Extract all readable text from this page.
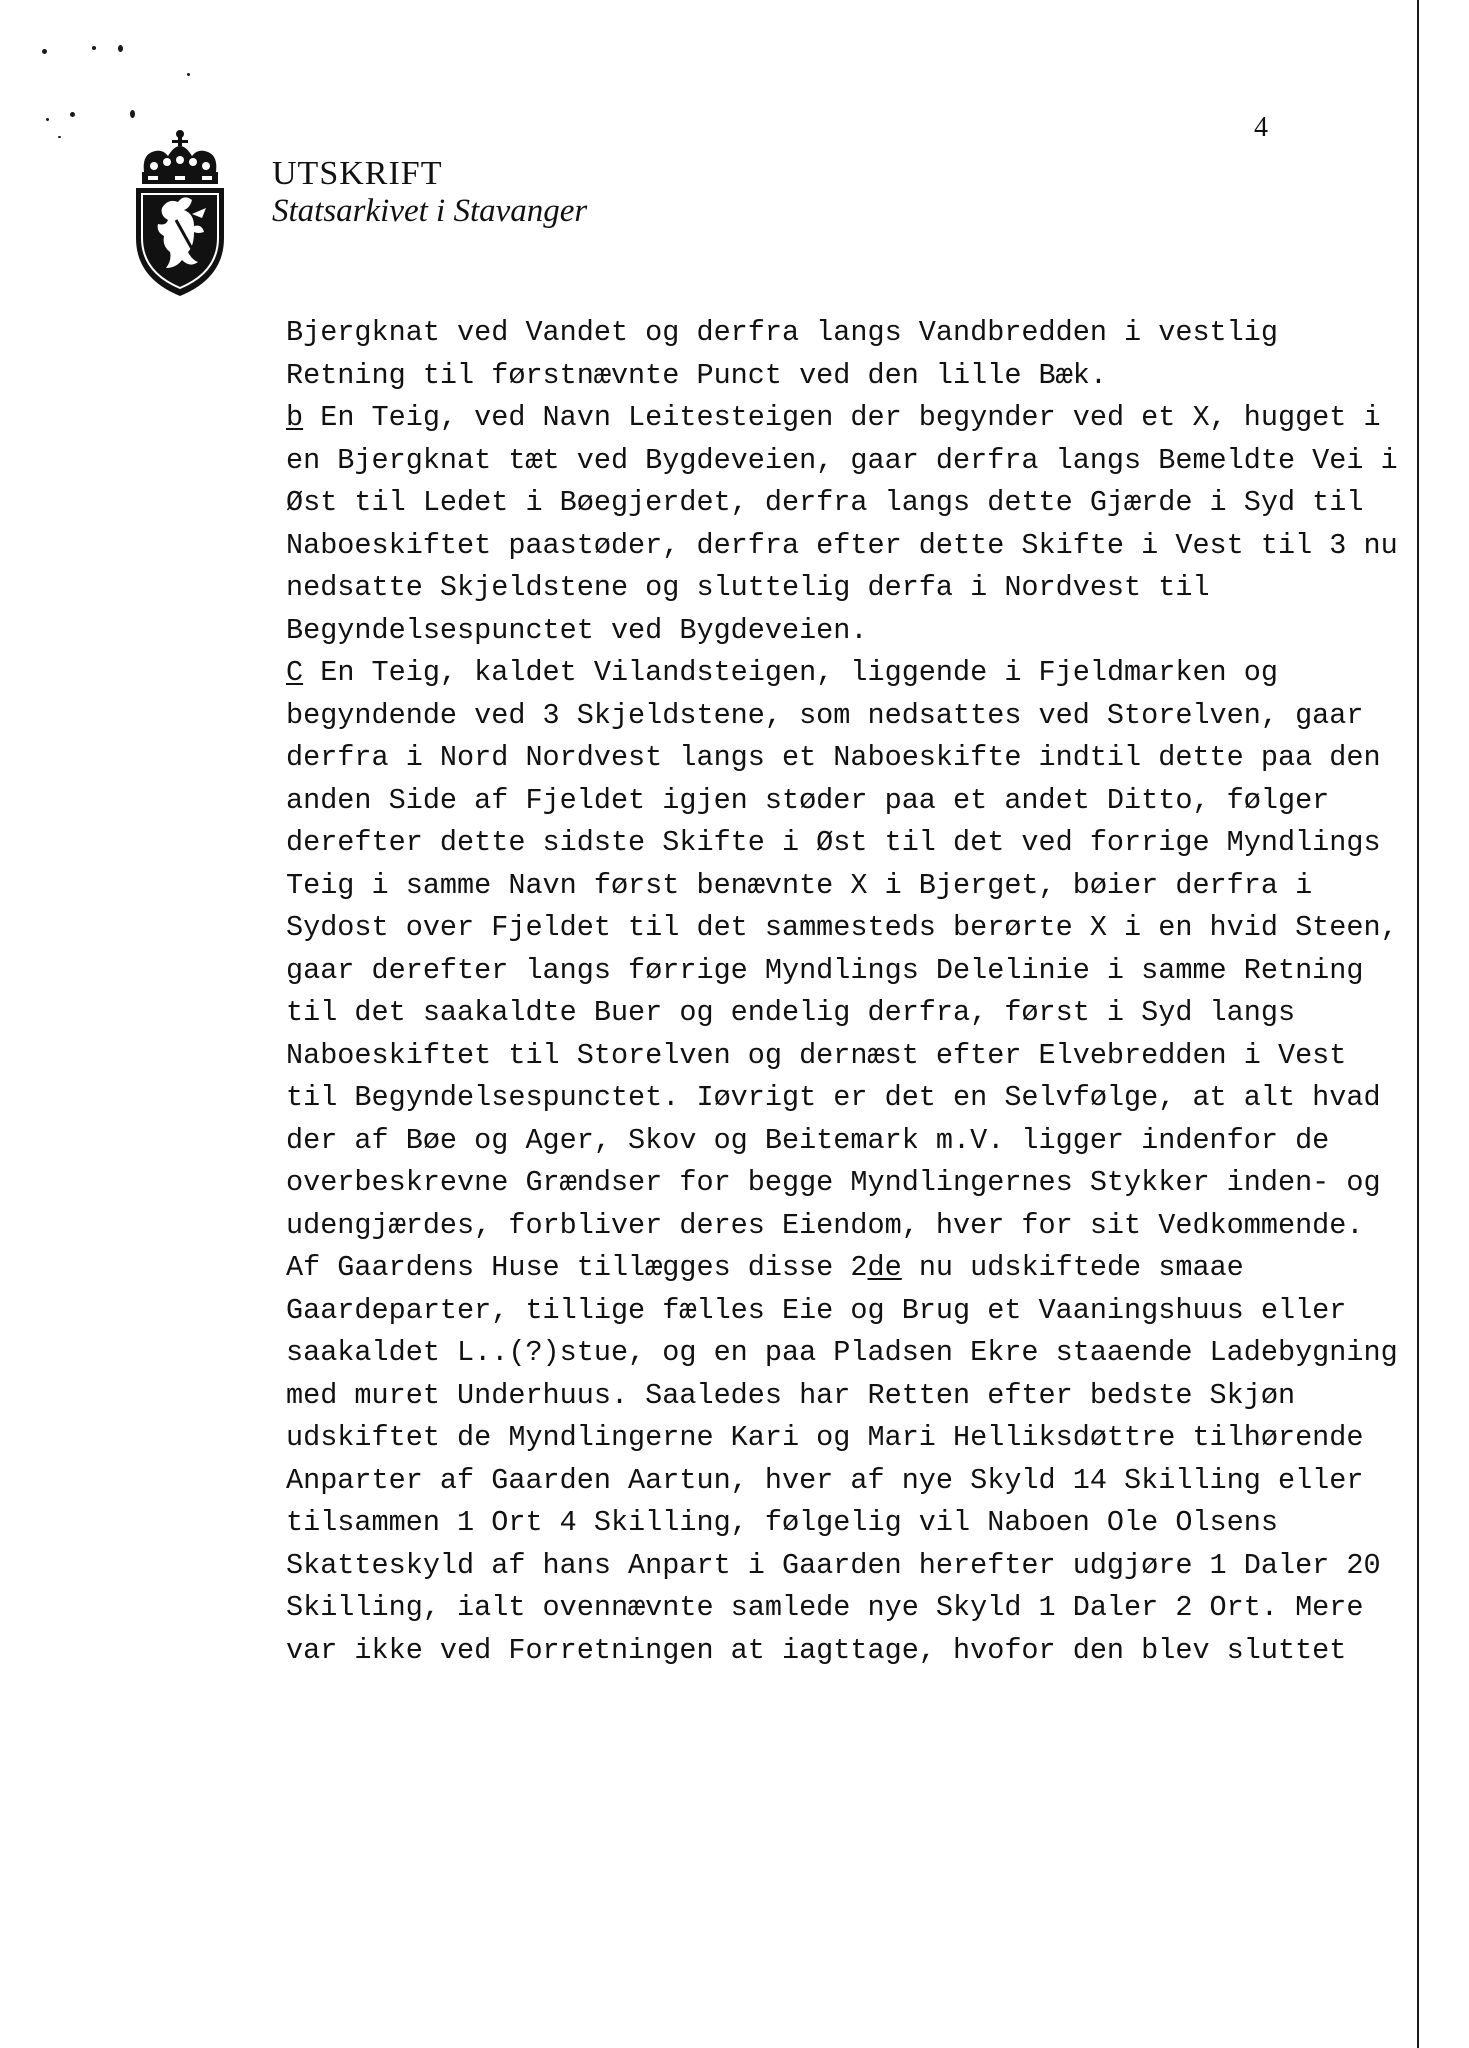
UTSKRIFT
Statsarkivet i Stavanger
4
Bjergknat ved Vandet og derfra langs Vandbredden i vestlig
Retning til førstnævnte Punct ved den lille Bæk.
b En Teig, ved Navn Leitesteigen der begynder ved et X, hugget i
en Bjergknat tæt ved Bygdeveien, gaar derfra langs Bemeldte Vei i
Øst til Ledet i Bøegjerdet, derfra langs dette Gjærde i Syd til
Naboeskiftet paastøder, derfra efter dette Skifte i Vest til 3 nu
nedsatte Skjeldstene og sluttelig derfa i Nordvest til
Begyndelsespunctet ved Bygdeveien.
C En Teig, kaldet Vilandsteigen, liggende i Fjeldmarken og
begyndende ved 3 Skjeldstene, som nedsattes ved Storelven, gaar
derfra i Nord Nordvest langs et Naboeskifte indtil dette paa den
anden Side af Fjeldet igjen støder paa et andet Ditto, følger
derefter dette sidste Skifte i Øst til det ved forrige Myndlings
Teig i samme Navn først benævnte X i Bjerget, bøier derfra i
Sydost over Fjeldet til det sammesteds berørte X i en hvid Steen,
gaar derefter langs førrige Myndlings Delelinie i samme Retning
til det saakaldte Buer og endelig derfra, først i Syd langs
Naboeskiftet til Storelven og dernæst efter Elvebredden i Vest
til Begyndelsespunctet. Iøvrigt er det en Selvfølge, at alt hvad
der af Bøe og Ager, Skov og Beitemark m.V. ligger indenfor de
overbeskrevne Grændser for begge Myndlingernes Stykker inden- og
udengjærdes, forbliver deres Eiendom, hver for sit Vedkommende.
Af Gaardens Huse tillægges disse 2de nu udskiftede smaae
Gaardeparter, tillige fælles Eie og Brug et Vaaningshuus eller
saakaldet L..(?)stue, og en paa Pladsen Ekre staaende Ladebygning
med muret Underhuus. Saaledes har Retten efter bedste Skjøn
udskiftet de Myndlingerne Kari og Mari Helliksdøttre tilhørende
Anparter af Gaarden Aartun, hver af nye Skyld 14 Skilling eller
tilsammen 1 Ort 4 Skilling, følgelig vil Naboen Ole Olsens
Skatteskyld af hans Anpart i Gaarden herefter udgjøre 1 Daler 20
Skilling, ialt ovennævnte samlede nye Skyld 1 Daler 2 Ort. Mere
var ikke ved Forretningen at iagttage, hvofor den blev sluttet
